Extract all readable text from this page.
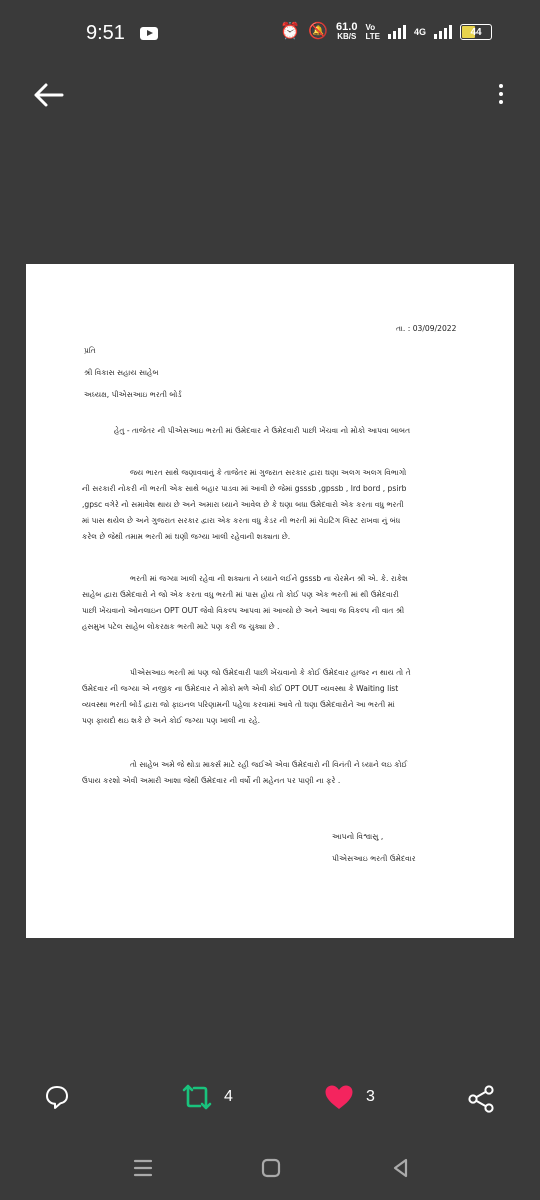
9:51	⏰ 🔕 61.0
KB/S
Vo
LTE	4G	44
તા. : 03/09/2022
પ્રતિ
શ્રી વિકાસ સહાય સાહેબ
અધ્યક્ષ, પીએસઆઇ ભરતી બોર્ડ
હેતુ - તાજેતર ની પીએસઆઇ ભરતી માં ઉમેદવાર ને ઉમેદવારી પાછી ખેંચવા નો મોકો આપવા બાબત
જય ભારત સાથે જણાવવાનું કે તાજેતર માં ગુજરાત સરકાર દ્વારા ઘણા અલગ અલગ વિભાગો
ની સરકારી નોકરી ની ભરતી એક સાથે બહાર પાડવા માં આવી છે જેમાં gsssb ,gpssb , lrd bord , psirb
,gpsc વગેરે નો સમાવેશ થાય છે અને અમારા ધ્યાને આવેલ છે કે ઘણા બધા ઉમેદવારો એક કરતા વધુ ભરતી
માં પાસ થયેલ છે અને ગુજરાત સરકાર દ્વારા એક કરતા વધુ કેડર ની ભરતી માં વેઇટિંગ લિસ્ટ રાખવા નું બંધ
કરેલ છે જેથી તમામ ભરતી માં ઘણી જગ્યા ખાલી રહેવાની શક્યતા છે.
ભરતી માં જગ્યા ખાલી રહેવા ની શક્યતા ને ધ્યાને લઈને gsssb ના ચેરમેન શ્રી એ. કે. રાકેશ
સાહેબ દ્વારા ઉમેદવારો ને જો એક કરતા વધુ ભરતી માં પાસ હોય તો કોઈ પણ એક ભરતી માં થી ઉમેદવારી
પાછી ખેંચવાનો ઓનલાઇન OPT OUT જેવો વિકલ્પ આપવા માં આવ્યો છે અને આવા જ વિકલ્પ ની વાત શ્રી
હસમુખ પટેલ સાહેબ લોકરક્ષક ભરતી માટે પણ કરી જ ચુક્યા છે .
પીએસઆઇ ભરતી માં પણ જો ઉમેદવારી પાછી ખેંચવાનો કે કોઈ ઉમેદવાર હાજર ન થાય તો તે
ઉમેદવાર ની જગ્યા એ નજીક ના ઉમેદવાર ને મોકો મળે એવી કોઈ OPT OUT વ્યવસ્થા કે Waiting list
વ્યવસ્થા ભરતી બોર્ડ દ્વારા જો ફાઇનલ પરિણામની પહેલા કરવામાં આવે તો ઘણા ઉમેદવારોને આ ભરતી માં
પણ ફાયદો થઇ શકે છે અને કોઈ જગ્યા પણ ખાલી ના રહે.
તો સાહેબ અમે જે થોડા માર્ક્સ માટે રહી જઈએ એવા ઉમેદવારો ની વિનંતી ને ધ્યાને લઇ કોઈ
ઉપાય કરશો એવી અમારી આશા જેથી ઉમેદવાર ની વર્ષો ની મહેનત પર પાણી ના ફરે .
આપનો વિશ્વાસુ ,
પીએસઆઇ ભરતી ઉમેદવાર
4	3
